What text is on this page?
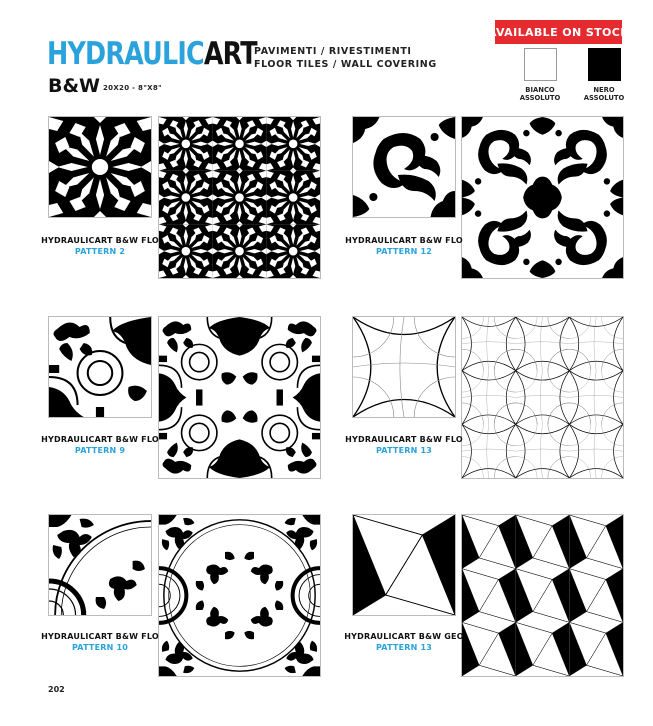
HYDRAULICART
PAVIMENTI / RIVESTIMENTI
FLOOR TILES / WALL COVERING
B&W 20X20 - 8"X8"
AVAILABLE ON STOCK
BIANCO
ASSOLUTO
NERO
ASSOLUTO
HYDRAULICART B&W FLO
PATTERN 2
HYDRAULICART B&W FLO
PATTERN 12
HYDRAULICART B&W FLO
PATTERN 9
HYDRAULICART B&W FLO
PATTERN 13
HYDRAULICART B&W FLO
PATTERN 10
HYDRAULICART B&W GEO
PATTERN 13
202
